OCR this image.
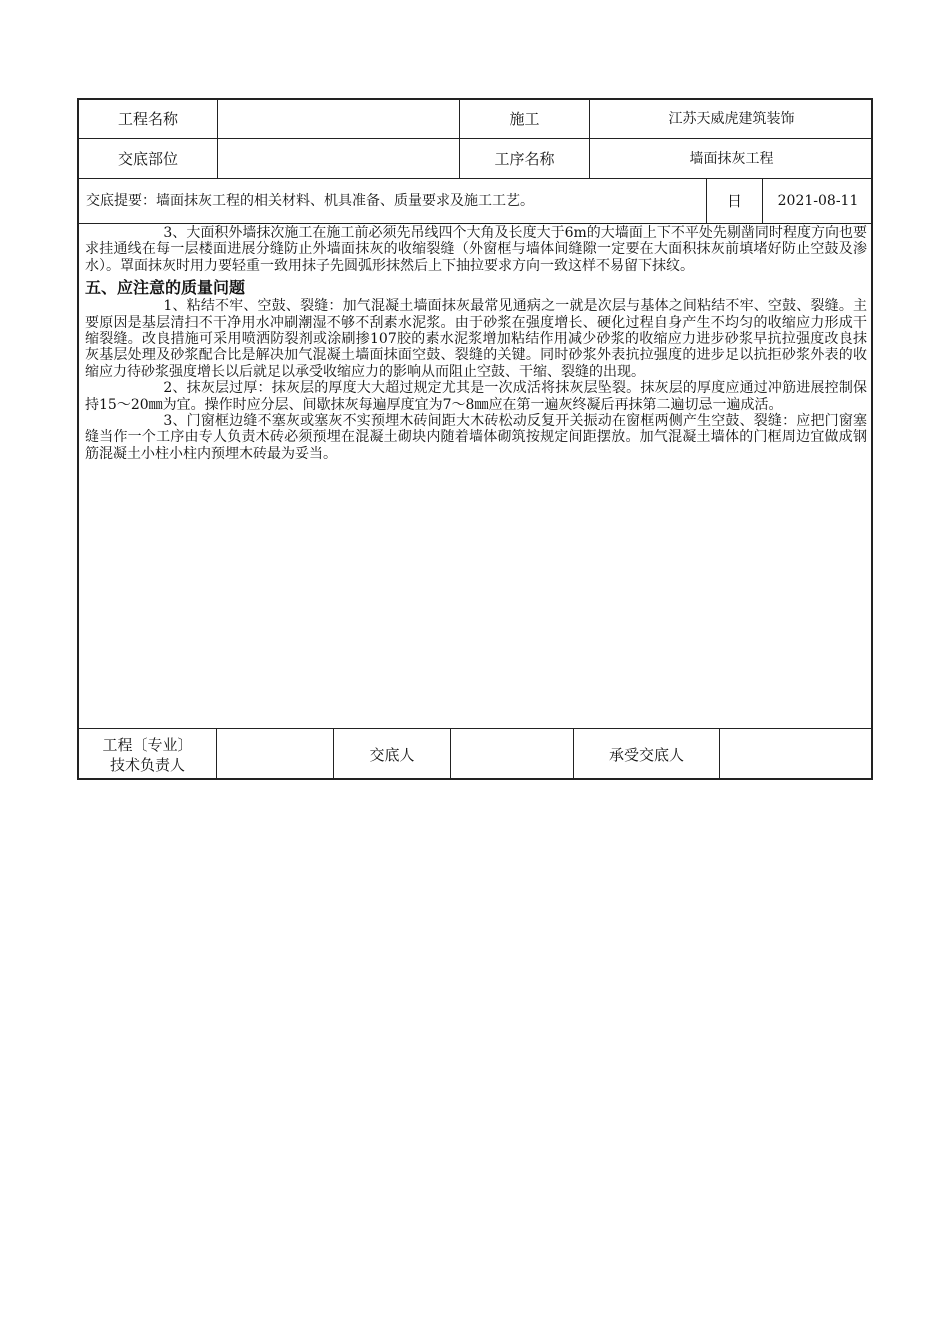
工程名称	施工	江苏天威虎建筑装饰
交底部位	工序名称	墙面抹灰工程
交底提要：墙面抹灰工程的相关材料、机具准备、质量要求及施工工艺。	日	2021-08-11

3、大面积外墙抹次施工在施工前必须先吊线四个大角及长度大于6m的大墙面上下不平处先剔凿同时程度方向也要求挂通线在每一层楼面进展分缝防止外墙面抹灰的收缩裂缝（外窗框与墙体间缝隙一定要在大面积抹灰前填堵好防止空鼓及渗水）。罩面抹灰时用力要轻重一致用抹子先圆弧形抹然后上下抽拉要求方向一致这样不易留下抹纹。

五、应注意的质量问题

1、粘结不牢、空鼓、裂缝：加气混凝土墙面抹灰最常见通病之一就是次层与基体之间粘结不牢、空鼓、裂缝。主要原因是基层清扫不干净用水冲刷潮湿不够不刮素水泥浆。由于砂浆在强度增长、硬化过程自身产生不均匀的收缩应力形成干缩裂缝。改良措施可采用喷洒防裂剂或涂刷掺107胶的素水泥浆增加粘结作用减少砂浆的收缩应力进步砂浆早抗拉强度改良抹灰基层处理及砂浆配合比是解决加气混凝土墙面抹面空鼓、裂缝的关键。同时砂浆外表抗拉强度的进步足以抗拒砂浆外表的收缩应力待砂浆强度增长以后就足以承受收缩应力的影响从而阻止空鼓、干缩、裂缝的出现。

2、抹灰层过厚：抹灰层的厚度大大超过规定尤其是一次成活将抹灰层坠裂。抹灰层的厚度应通过冲筋进展控制保持15～20㎜为宜。操作时应分层、间歇抹灰每遍厚度宜为7～8㎜应在第一遍灰终凝后再抹第二遍切忌一遍成活。

3、门窗框边缝不塞灰或塞灰不实预埋木砖间距大木砖松动反复开关振动在窗框两侧产生空鼓、裂缝：应把门窗塞缝当作一个工序由专人负责木砖必须预埋在混凝土砌块内随着墙体砌筑按规定间距摆放。加气混凝土墙体的门框周边宜做成钢筋混凝土小柱小柱内预埋木砖最为妥当。

工程〔专业〕
技术负责人
交底人	承受交底人
